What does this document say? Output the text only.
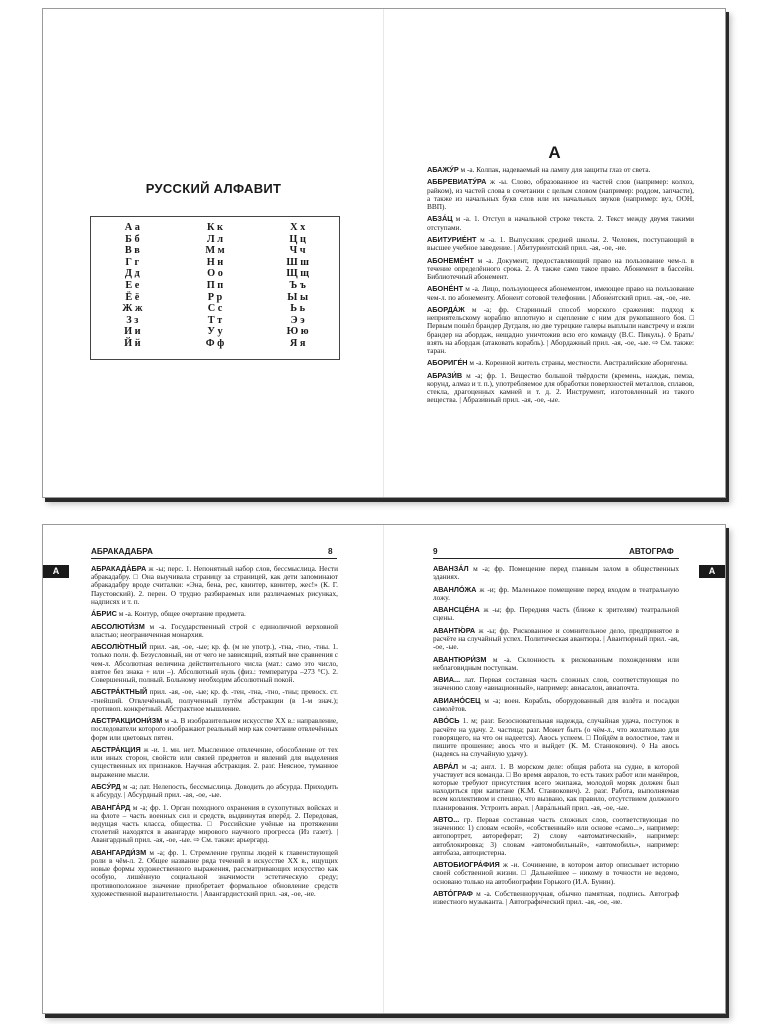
РУССКИЙ АЛФАВИТ
А а	К к	Х х
Б б	Л л	Ц ц
В в	М м	Ч ч
Г г	Н н	Ш ш
Д д	О о	Щ щ
Е е	П п	Ъ ъ
Ё ё	Р р	Ы ы
Ж ж	С с	Ь ь
З з	Т т	Э э
И и	У у	Ю ю
Й й	Ф ф	Я я
А
АБАЖУ́Р м -а. Колпак, надеваемый на лампу для защиты глаз от света.
АББРЕВИАТУ́РА ж -ы. Слово, образованное из частей слов (например: колхоз, райком), из частей слова в сочетании с целым словом (например: роддом, запчасти), а также из начальных букв слов или их начальных звуков (например: вуз, ООН, ВВП).
АБЗА́Ц м -а. 1. Отступ в начальной строке текста. 2. Текст между двумя такими отступами.
АБИТУРИЕ́НТ м -а. 1. Выпускник средней школы. 2. Человек, поступающий в высшее учебное заведение. | Абитурие́нтский прил. -ая, -ое, -ие.
АБОНЕМЕ́НТ м -а. Документ, предоставляющий право на пользование чем-л. в течение определённого срока. 2. А также само такое право. Абонемент в бассейн. Библиотечный абонемент.
АБОНЕ́НТ м -а. Лицо, пользующееся абонементом, имеющее право на пользование чем-л. по абонементу. Абонент сотовой телефонии. | Абоне́нтский прил. -ая, -ое, -ие.
АБОРДА́Ж м -а; фр. Старинный способ морского сражения: подход к неприятельскому кораблю вплотную и сцепление с ним для рукопашного боя. □ Первым пошёл брандер Дугдаля, но две турецкие галеры выплыли навстречу и взяли брандер на абордаж, нещадно уничтожив всю его команду (В.С. Пикуль). ◊ Брать/взять на абордаж (атаковать корабль). | Абордажный прил. -ая, -ое, -ые. ⇨ См. также: таран.
АБОРИГЕ́Н м -а. Коренной житель страны, местности. Австралийские аборигены.
АБРАЗИ́В м -а; фр. 1. Вещество большой твёрдости (кремень, наждак, пемза, корунд, алмаз и т. п.), употребляемое для обработки поверхностей металлов, сплавов, стекла, драгоценных камней и т. д. 2. Инструмент, изготовленный из такого вещества. | Абрази́вный прил. -ая, -ое, -ые.
АБРАКАДАБРА	8
А	АБРАКАДА́БРА ж -ы; перс. 1. Непонятный набор слов, бессмыслица. Нести абракадабру. □ Она выучивала страницу за страницей, как дети запоминают абракадабру вроде считалки: «Эна, бена, рес, квинтер, квинтер, жес!» (К. Г. Паустовский). 2. перен. О трудно разбираемых или различаемых рисунках, надписях и т. п.
А́БРИС м -а. Контур, общее очертание предмета.
АБСОЛЮТИ́ЗМ м -а. Государственный строй с единоличной верховной властью; неограниченная монархия.
АБСОЛЮ́ТНЫЙ прил. -ая, -ое, -ые; кр. ф. (м не употр.), -тна, -тно, -тны. 1. только полн. ф. Безусловный, ни от чего не зависящий, взятый вне сравнения с чем-л. Абсолютная величина действительного числа (мат.: само это число, взятое без знака + или –). Абсолютный нуль (физ.: температура –273 °С). 2. Совершенный, полный. Больному необходим абсолютный покой.
АБСТРА́КТНЫЙ прил. -ая, -ое, -ые; кр. ф. -тен, -тна, -тно, -тны; превосх. ст. -тнейший. Отвлечённый, полученный путём абстракции (в 1-м знач.); противоп. конкре́тный. Абстрактное мышление.
АБСТРАКЦИОНИ́ЗМ м -а. В изобразительном искусстве XX в.: направление, последователи которого изображают реальный мир как сочетание отвлечённых форм или цветовых пятен.
АБСТРА́КЦИЯ ж -и. 1. мн. нет. Мысленное отвлечение, обособление от тех или иных сторон, свойств или связей предметов и явлений для выделения существенных их признаков. Научная абстракция. 2. разг. Неясное, туманное выражение мысли.
АБСУ́РД м -а; лат. Нелепость, бессмыслица. Доводить до абсурда. Приходить к абсурду. | Абсу́рдный прил. -ая, -ое, -ые.
АВАНГА́РД м -а; фр. 1. Орган походного охранения в сухопутных войсках и на флоте – часть военных сил и средств, выдвинутая вперёд. 2. Передовая, ведущая часть класса, общества. □ Российские учёные на протяжении столетий находятся в авангарде мирового научного прогресса (Из газет). | Авангардный прил. -ая, -ое, -ые. ⇨ См. также: арьергард.
АВАНГАРДИ́ЗМ м -а; фр. 1. Стремление группы людей к главенствующей роли в чём-л. 2. Общее название ряда течений в искусстве XX в., ищущих новые формы художественного выражения, рассматривающих искусство как особую, лишённую социальной значимости эстетическую среду; противоположное значение приобретает формальное обновление средств художественной выразительности. | Авангардистский прил. -ая, -ое, -ие.
9	АВТОГРАФ
А
АВАНЗА́Л м -а; фр. Помещение перед главным залом в общественных зданиях.
АВАНЛО́ЖА ж -и; фр. Маленькое помещение перед входом в театральную ложу.
АВАНСЦЕ́НА ж -ы; фр. Передняя часть (ближе к зрителям) театральной сцены.
АВАНТЮ́РА ж -ы; фр. Рискованное и сомнительное дело, предпринятое в расчёте на случайный успех. Политическая авантюра. | Авантю́рный прил. -ая, -ое, -ые.
АВАНТЮРИ́ЗМ м -а. Склонность к рискованным похождениям или неблаговидным поступкам.
АВИА... лат. Первая составная часть сложных слов, соответствующая по значению слову «авиационный», например: авиасалон, авиапочта.
АВИАНО́СЕЦ м -а; воен. Корабль, оборудованный для взлёта и посадки самолётов.
АВО́СЬ 1. м; разг. Безосновательная надежда, случайная удача, поступок в расчёте на удачу. 2. частица; разг. Может быть (о чём-л., что желательно для говорящего, на что он надеется). Авось успеем. □ Пойдём в волостное, там и пишите прошение; авось что и выйдет (К. М. Станюкович). ◊ На авось (надеясь на случайную удачу).
АВРА́Л м -а; англ. 1. В морском деле: общая работа на судне, в которой участвует вся команда. □ Во время авралов, то есть таких работ или манёвров, которые требуют присутствия всего экипажа, молодой моряк должен был находиться при капитане (К.М. Станюкович). 2. разг. Работа, выполняемая всем коллективом и спешно, что вызвано, как правило, отсутствием должного планирования. Устроить аврал. | Авра́льный прил. -ая, -ое, -ые.
АВТО... гр. Первая составная часть сложных слов, соответствующая по значению: 1) словам «свой», «собственный» или основе «само...», например: автопортрет, автореферат; 2) слову «автоматический», например: автоблокировка; 3) словам «автомобильный», «автомобиль», например: автобаза, автоцистерна.
АВТОБИОГРА́ФИЯ ж -и. Сочинение, в котором автор описывает историю своей собственной жизни. □ Дальнейшее – никому в точности не ведомо, основано только на автобиографии Горького (И.А. Бунин).
АВТО́ГРАФ м -а. Собственноручная, обычно памятная, подпись. Автограф известного музыканта. | Автографи́ческий прил. -ая, -ое, -ие.
